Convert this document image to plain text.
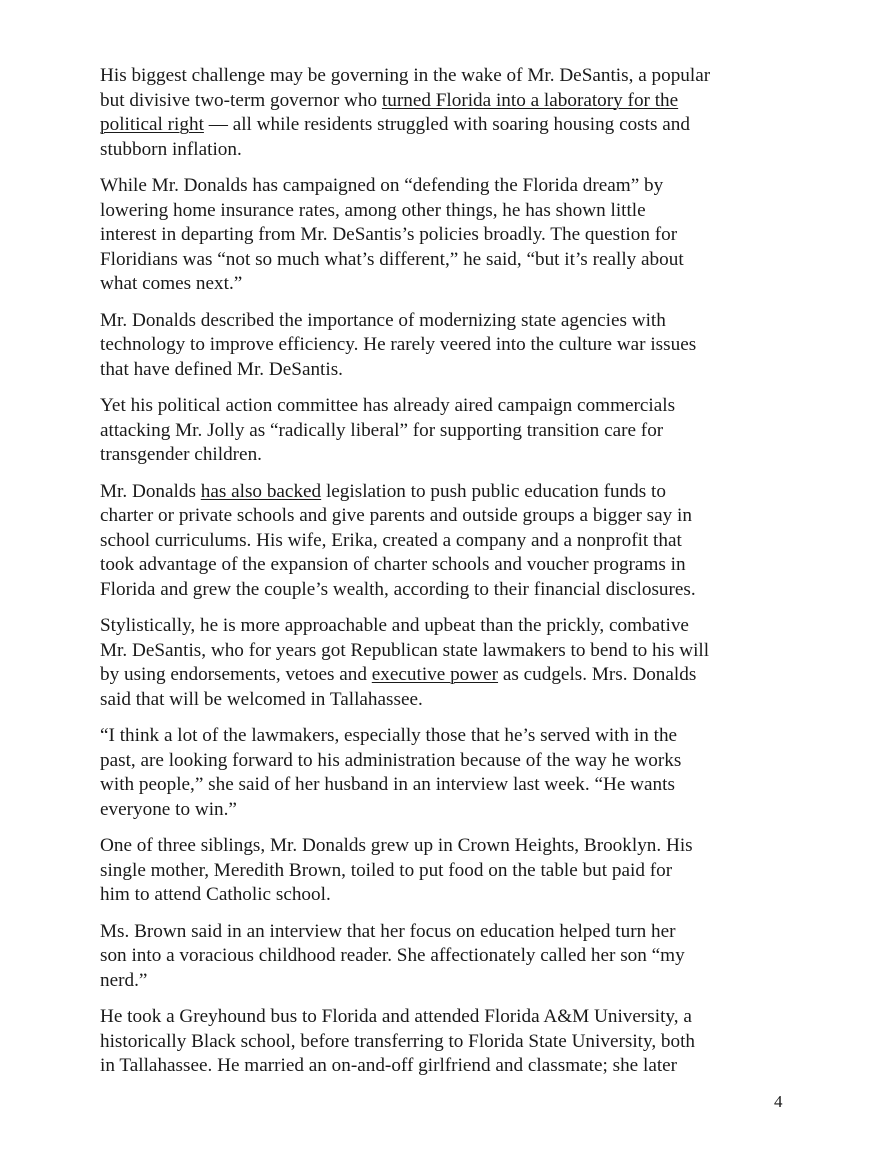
His biggest challenge may be governing in the wake of Mr. DeSantis, a popular
but divisive two-term governor who turned Florida into a laboratory for the
political right — all while residents struggled with soaring housing costs and
stubborn inflation.

While Mr. Donalds has campaigned on “defending the Florida dream” by
lowering home insurance rates, among other things, he has shown little
interest in departing from Mr. DeSantis’s policies broadly. The question for
Floridians was “not so much what’s different,” he said, “but it’s really about
what comes next.”

Mr. Donalds described the importance of modernizing state agencies with
technology to improve efficiency. He rarely veered into the culture war issues
that have defined Mr. DeSantis.

Yet his political action committee has already aired campaign commercials
attacking Mr. Jolly as “radically liberal” for supporting transition care for
transgender children.

Mr. Donalds has also backed legislation to push public education funds to
charter or private schools and give parents and outside groups a bigger say in
school curriculums. His wife, Erika, created a company and a nonprofit that
took advantage of the expansion of charter schools and voucher programs in
Florida and grew the couple’s wealth, according to their financial disclosures.

Stylistically, he is more approachable and upbeat than the prickly, combative
Mr. DeSantis, who for years got Republican state lawmakers to bend to his will
by using endorsements, vetoes and executive power as cudgels. Mrs. Donalds
said that will be welcomed in Tallahassee.

“I think a lot of the lawmakers, especially those that he’s served with in the
past, are looking forward to his administration because of the way he works
with people,” she said of her husband in an interview last week. “He wants
everyone to win.”

One of three siblings, Mr. Donalds grew up in Crown Heights, Brooklyn. His
single mother, Meredith Brown, toiled to put food on the table but paid for
him to attend Catholic school.

Ms. Brown said in an interview that her focus on education helped turn her
son into a voracious childhood reader. She affectionately called her son “my
nerd.”

He took a Greyhound bus to Florida and attended Florida A&M University, a
historically Black school, before transferring to Florida State University, both
in Tallahassee. He married an on-and-off girlfriend and classmate; she later

4
